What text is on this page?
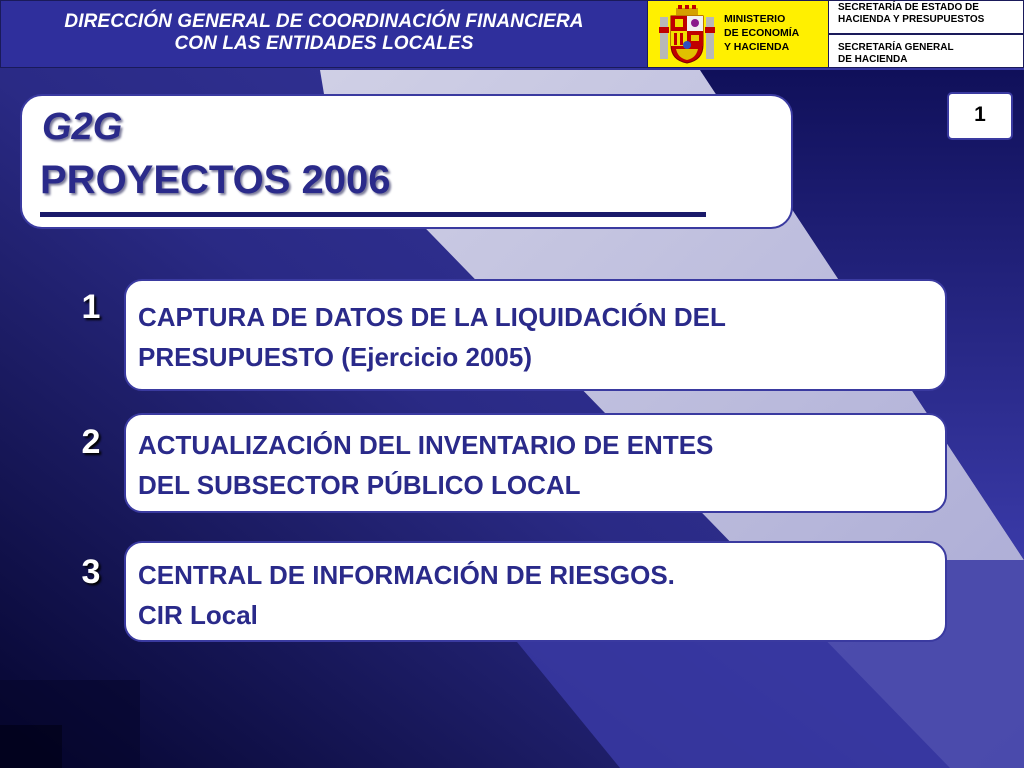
DIRECCIÓN GENERAL DE COORDINACIÓN FINANCIERA
CON LAS ENTIDADES LOCALES
MINISTERIO
DE ECONOMÍA
Y HACIENDA
SECRETARÍA DE ESTADO DE
HACIENDA Y PRESUPUESTOS
SECRETARÍA GENERAL
DE HACIENDA
G2G
PROYECTOS 2006
1
1	CAPTURA DE DATOS DE LA LIQUIDACIÓN DEL
PRESUPUESTO (Ejercicio 2005)
2	ACTUALIZACIÓN DEL INVENTARIO DE ENTES
DEL SUBSECTOR PÚBLICO LOCAL
3	CENTRAL DE INFORMACIÓN DE RIESGOS.
CIR Local
